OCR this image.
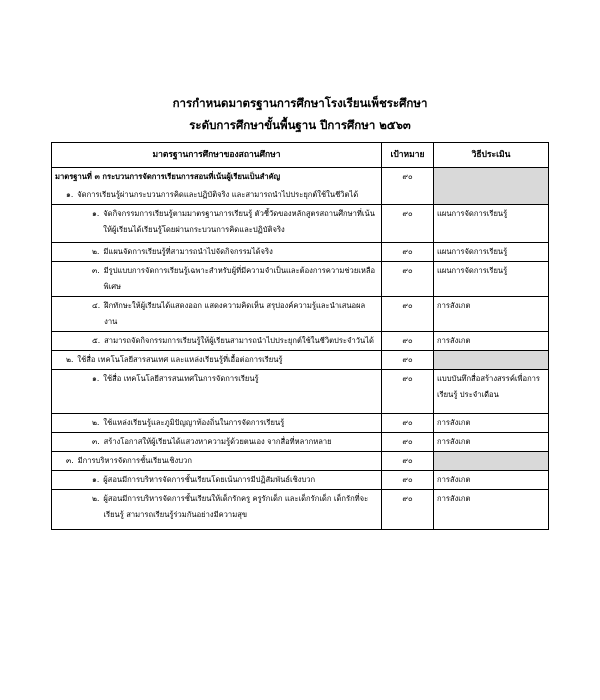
การกำหนดมาตรฐานการศึกษาโรงเรียนเพ็ชระศึกษา
ระดับการศึกษาขั้นพื้นฐาน ปีการศึกษา ๒๕๖๓
มาตรฐานการศึกษาของสถานศึกษา	เป้าหมาย	วิธีประเมิน
มาตรฐานที่ ๓ กระบวนการจัดการเรียนการสอนที่เน้นผู้เรียนเป็นสำคัญ	๙๐	

๑. จัดการเรียนรู้ผ่านกระบวนการคิดและปฏิบัติจริง และสามารถนำไปประยุกต์ใช้ในชีวิตได้		

๑. จัดกิจกรรมการเรียนรู้ตามมาตรฐานการเรียนรู้ ตัวชี้วัดของหลักสูตรสถานศึกษาที่เน้นให้ผู้เรียนได้เรียนรู้โดยผ่านกระบวนการคิดและปฏิบัติจริง	๙๐	แผนการจัดการเรียนรู้

๒. มีแผนจัดการเรียนรู้ที่สามารถนำไปจัดกิจกรรมได้จริง	๙๐	แผนการจัดการเรียนรู้

๓. มีรูปแบบการจัดการเรียนรู้เฉพาะสำหรับผู้ที่มีความจำเป็นและต้องการความช่วยเหลือพิเศษ	๙๐	แผนการจัดการเรียนรู้

๔. ฝึกทักษะให้ผู้เรียนได้แสดงออก แสดงความคิดเห็น สรุปองค์ความรู้และนำเสนอผลงาน	๙๐	การสังเกต

๕. สามารถจัดกิจกรรมการเรียนรู้ให้ผู้เรียนสามารถนำไปประยุกต์ใช้ในชีวิตประจำวันได้	๙๐	การสังเกต

๒. ใช้สื่อ เทคโนโลยีสารสนเทศ และแหล่งเรียนรู้ที่เอื้อต่อการเรียนรู้	๙๐	

๑. ใช้สื่อ เทคโนโลยีสารสนเทศในการจัดการเรียนรู้	๙๐	แบบบันทึกสื่อสร้างสรรค์เพื่อการเรียนรู้ ประจำเดือน

๒. ใช้แหล่งเรียนรู้และภูมิปัญญาท้องถิ่นในการจัดการเรียนรู้	๙๐	การสังเกต

๓. สร้างโอกาสให้ผู้เรียนได้แสวงหาความรู้ด้วยตนเอง จากสื่อที่หลากหลาย	๙๐	การสังเกต

๓. มีการบริหารจัดการชั้นเรียนเชิงบวก	๙๐	

๑. ผู้สอนมีการบริหารจัดการชั้นเรียนโดยเน้นการมีปฏิสัมพันธ์เชิงบวก	๙๐	การสังเกต

๒. ผู้สอนมีการบริหารจัดการชั้นเรียนให้เด็กรักครู ครูรักเด็ก และเด็กรักเด็ก เด็กรักที่จะเรียนรู้ สามารถเรียนรู้ร่วมกันอย่างมีความสุข	๙๐	การสังเกต
